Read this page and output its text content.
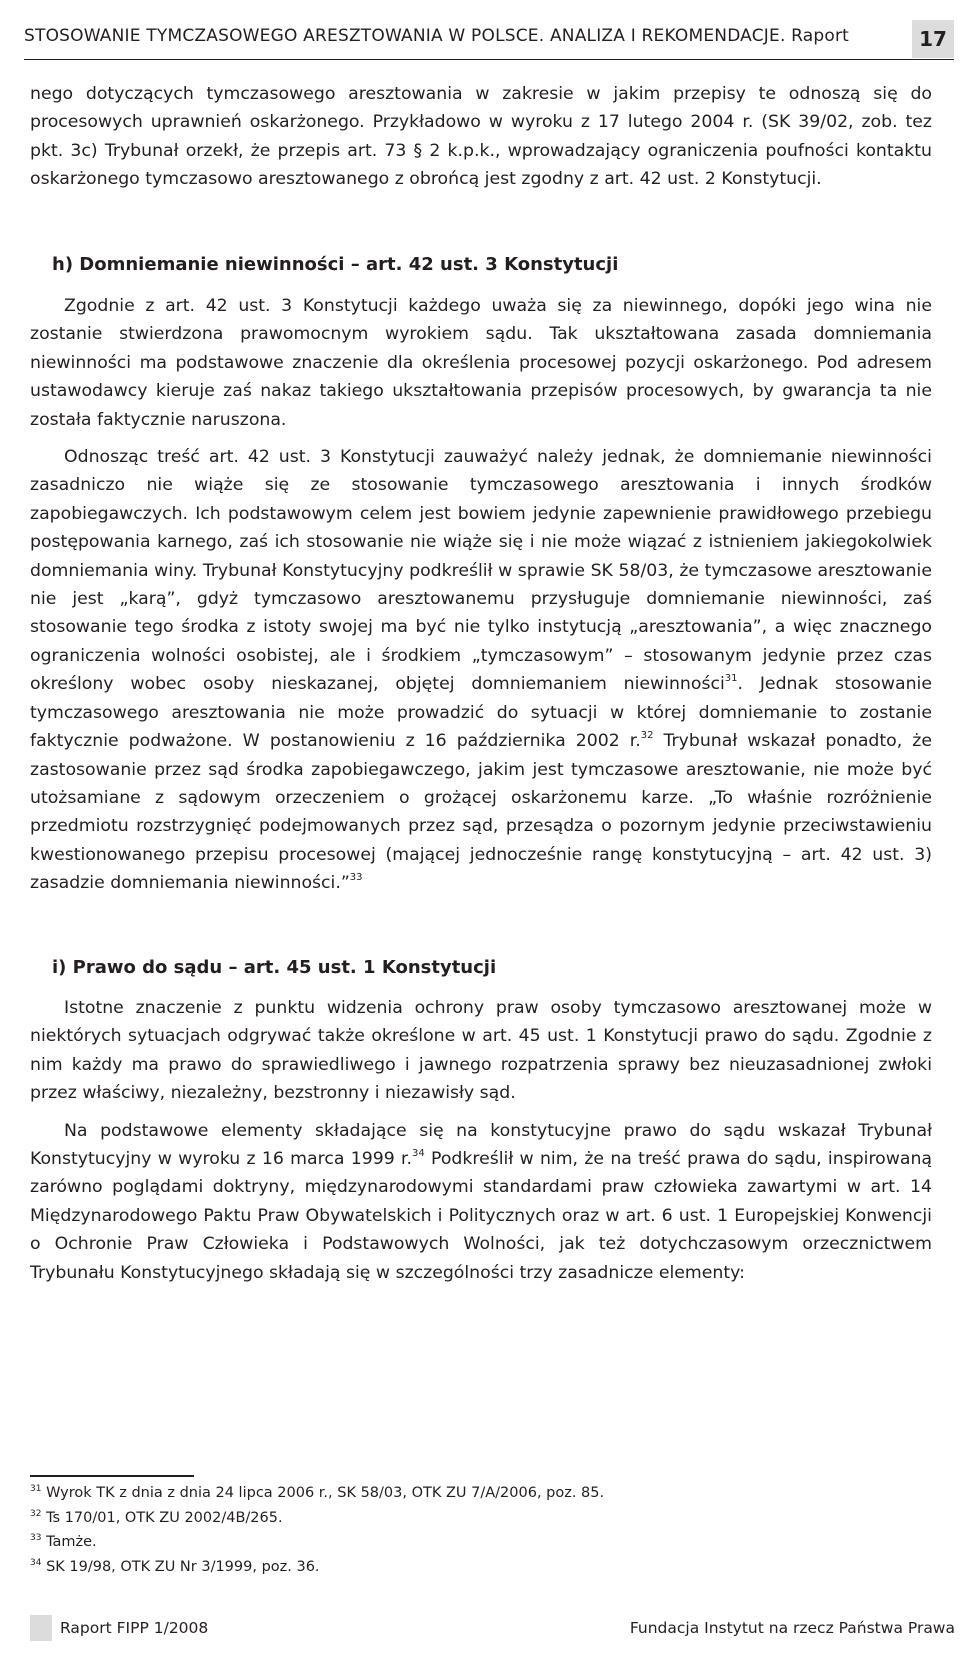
STOSOWANIE TYMCZASOWEGO ARESZTOWANIA W POLSCE. ANALIZA I REKOMENDACJE. Raport	17

nego dotyczących tymczasowego aresztowania w zakresie w jakim przepisy te odnoszą się do procesowych uprawnień oskarżonego. Przykładowo w wyroku z 17 lutego 2004 r. (SK 39/02, zob. tez pkt. 3c) Trybunał orzekł, że przepis art. 73 § 2 k.p.k., wprowadzający ograniczenia poufności kontaktu oskarżonego tymczasowo aresztowanego z obrońcą jest zgodny z art. 42 ust. 2 Konstytucji.

h) Domniemanie niewinności – art. 42 ust. 3 Konstytucji

Zgodnie z art. 42 ust. 3 Konstytucji każdego uważa się za niewinnego, dopóki jego wina nie zostanie stwierdzona prawomocnym wyrokiem sądu. Tak ukształtowana zasada domniemania niewinności ma podstawowe znaczenie dla określenia procesowej pozycji oskarżonego. Pod adresem ustawodawcy kieruje zaś nakaz takiego ukształtowania przepisów procesowych, by gwarancja ta nie została faktycznie naruszona.

Odnosząc treść art. 42 ust. 3 Konstytucji zauważyć należy jednak, że domniemanie niewinności zasadniczo nie wiąże się ze stosowanie tymczasowego aresztowania i innych środków zapobiegawczych. Ich podstawowym celem jest bowiem jedynie zapewnienie prawidłowego przebiegu postępowania karnego, zaś ich stosowanie nie wiąże się i nie może wiązać z istnieniem jakiegokolwiek domniemania winy. Trybunał Konstytucyjny podkreślił w sprawie SK 58/03, że tymczasowe aresztowanie nie jest „karą”, gdyż tymczasowo aresztowanemu przysługuje domniemanie niewinności, zaś stosowanie tego środka z istoty swojej ma być nie tylko instytucją „aresztowania”, a więc znacznego ograniczenia wolności osobistej, ale i środkiem „tymczasowym” – stosowanym jedynie przez czas określony wobec osoby nieskazanej, objętej domniemaniem niewinności$^{31}$. Jednak stosowanie tymczasowego aresztowania nie może prowadzić do sytuacji w której domniemanie to zostanie faktycznie podważone. W postanowieniu z 16 października 2002 r.$^{32}$ Trybunał wskazał ponadto, że zastosowanie przez sąd środka zapobiegawczego, jakim jest tymczasowe aresztowanie, nie może być utożsamiane z sądowym orzeczeniem o grożącej oskarżonemu karze. „To właśnie rozróżnienie przedmiotu rozstrzygnięć podejmowanych przez sąd, przesądza o pozornym jedynie przeciwstawieniu kwestionowanego przepisu procesowej (mającej jednocześnie rangę konstytucyjną – art. 42 ust. 3) zasadzie domniemania niewinności.”$^{33}$

i) Prawo do sądu – art. 45 ust. 1 Konstytucji

Istotne znaczenie z punktu widzenia ochrony praw osoby tymczasowo aresztowanej może w niektórych sytuacjach odgrywać także określone w art. 45 ust. 1 Konstytucji prawo do sądu. Zgodnie z nim każdy ma prawo do sprawiedliwego i jawnego rozpatrzenia sprawy bez nieuzasadnionej zwłoki przez właściwy, niezależny, bezstronny i niezawisły sąd.

Na podstawowe elementy składające się na konstytucyjne prawo do sądu wskazał Trybunał Konstytucyjny w wyroku z 16 marca 1999 r.$^{34}$ Podkreślił w nim, że na treść prawa do sądu, inspirowaną zarówno poglądami doktryny, międzynarodowymi standardami praw człowieka zawartymi w art. 14 Międzynarodowego Paktu Praw Obywatelskich i Politycznych oraz w art. 6 ust. 1 Europejskiej Konwencji o Ochronie Praw Człowieka i Podstawowych Wolności, jak też dotychczasowym orzecznictwem Trybunału Konstytucyjnego składają się w szczególności trzy zasadnicze elementy:

$^{31}$ Wyrok TK z dnia z dnia 24 lipca 2006 r., SK 58/03, OTK ZU 7/A/2006, poz. 85.
$^{32}$ Ts 170/01, OTK ZU 2002/4B/265.
$^{33}$ Tamże.
$^{34}$ SK 19/98, OTK ZU Nr 3/1999, poz. 36.
Raport FIPP 1/2008	Fundacja Instytut na rzecz Państwa Prawa
